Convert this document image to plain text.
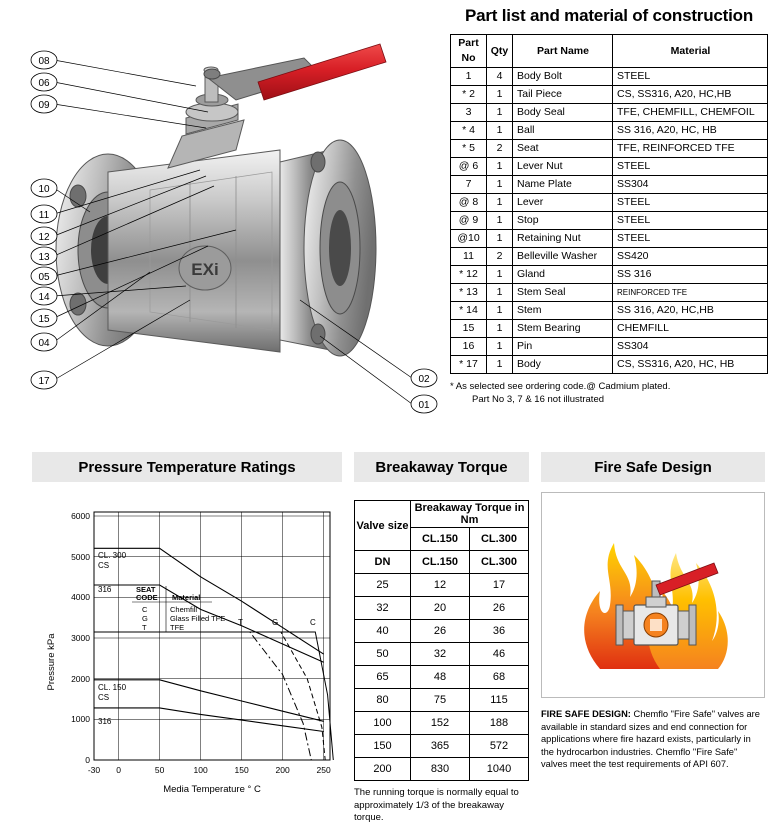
EXi
08
06
09
10
11
12
13
05
14
15
04
17	02
01
Part list and material of construction
Part No	Qty	Part Name	Material
1	4	Body Bolt	STEEL
* 2	1	Tail Piece	CS, SS316, A20, HC,HB
3	1	Body Seal	TFE, CHEMFILL, CHEMFOIL
* 4	1	Ball	SS 316, A20, HC, HB
* 5	2	Seat	TFE, REINFORCED TFE
@ 6	1	Lever Nut	STEEL
7	1	Name Plate	SS304
@ 8	1	Lever	STEEL
@ 9	1	Stop	STEEL
@10	1	Retaining Nut	STEEL
11	2	Belleville Washer	SS420
* 12	1	Gland	SS 316
* 13	1	Stem Seal	REINFORCED TFE
* 14	1	Stem	SS 316, A20, HC,HB
15	1	Stem Bearing	CHEMFILL
16	1	Pin	SS304
* 17	1	Body	CS, SS316, A20, HC, HB
* As selected see ordering code.@ Cadmium plated.
Part No 3, 7 & 16 not illustrated
Pressure Temperature Ratings	Breakaway Torque	Fire Safe Design
0
1000
2000
3000
4000
5000
6000
-30 0	50	100	150	200	250
Pressure kPa
Media Temperature ° C
CL. 300
CS
316
CL. 150
CS
316
T	G	C
SEAT
CODE Material
C
G
T
Chemfill
Glass Filled TFE
TFE
Valve size	Breakaway Torque in Nm	
	CL.150	CL.300
DN	CL.150	CL.300
25	12	17
32	20	26
40	26	36
50	32	46
65	48	68
80	75	115
100	152	188
150	365	572
200	830	1040
The running torque is normally equal to approximately 1/3 of the breakaway torque.
FIRE SAFE DESIGN: Chemflo "Fire Safe" valves are available in standard sizes and end connection for applications where fire hazard exists, particularly in the hydrocarbon industries. Chemflo "Fire Safe" valves meet the test requirements of API 607.
